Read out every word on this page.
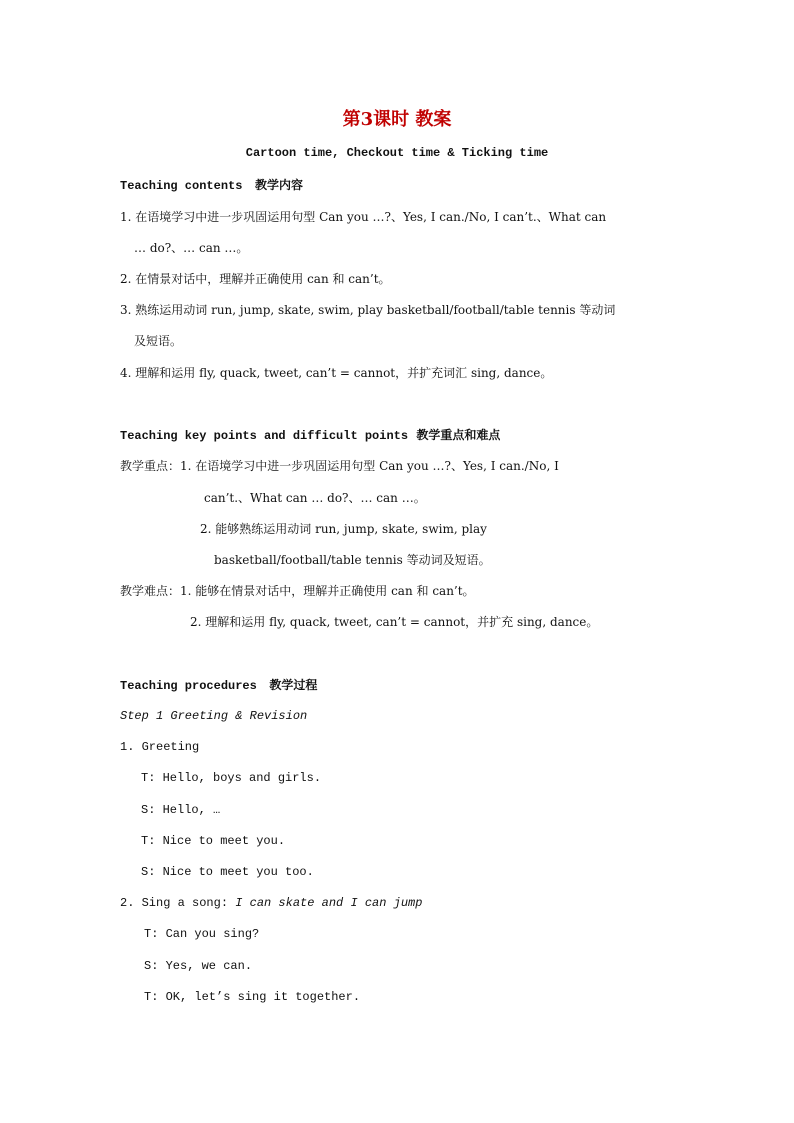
第3课时 教案
Cartoon time, Checkout time & Ticking time
Teaching contents 教学内容
1. 在语境学习中进一步巩固运用句型 Can you …?、Yes, I can./No, I can’t.、What can
… do?、… can …。
2. 在情景对话中，理解并正确使用 can 和 can’t。
3. 熟练运用动词 run, jump, skate, swim, play basketball/football/table tennis 等动词
及短语。
4. 理解和运用 fly, quack, tweet, can’t = cannot，并扩充词汇 sing, dance。
Teaching key points and difficult points 教学重点和难点
教学重点：1. 在语境学习中进一步巩固运用句型 Can you …?、Yes, I can./No, I
can’t.、What can … do?、… can …。
2. 能够熟练运用动词 run, jump, skate, swim, play
basketball/football/table tennis 等动词及短语。
教学难点：1. 能够在情景对话中，理解并正确使用 can 和 can’t。
2. 理解和运用 fly, quack, tweet, can’t = cannot，并扩充 sing, dance。
Teaching procedures 教学过程
Step 1 Greeting & Revision
1. Greeting
T: Hello, boys and girls.
S: Hello, …
T: Nice to meet you.
S: Nice to meet you too.
2. Sing a song: I can skate and I can jump
T: Can you sing?
S: Yes, we can.
T: OK, let’s sing it together.
